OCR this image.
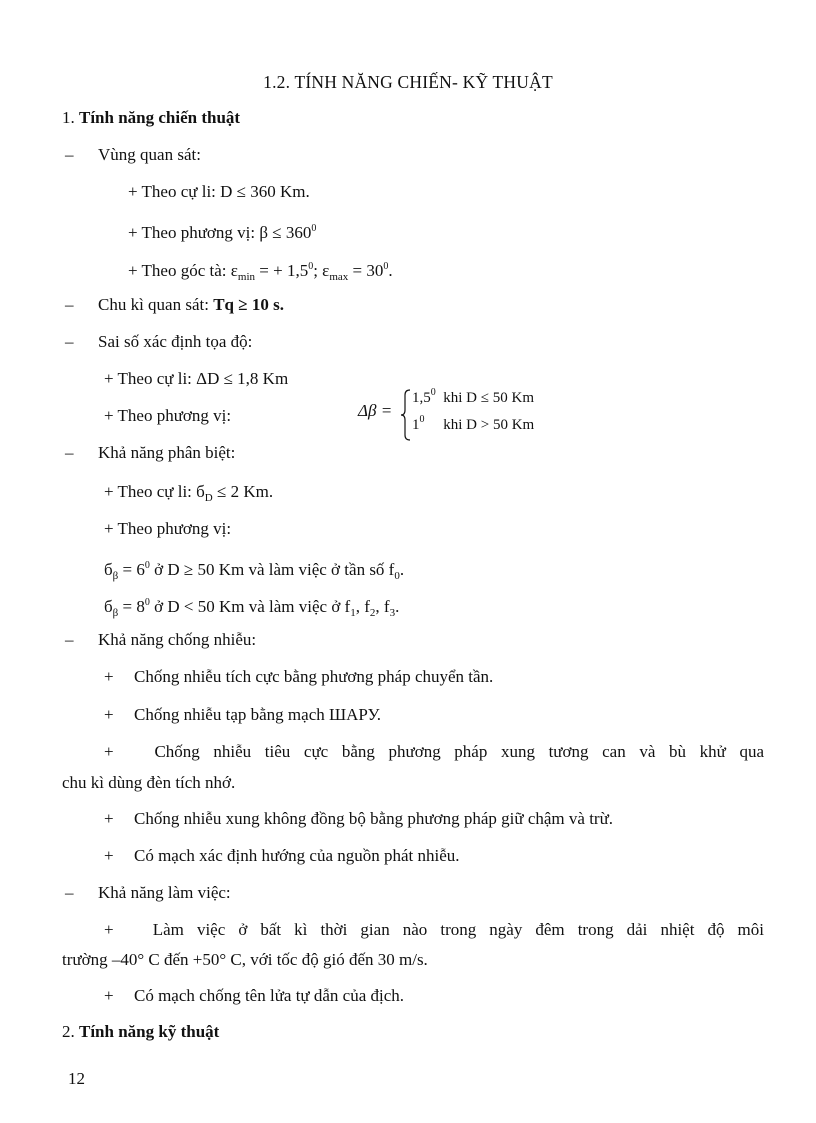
1.2. TÍNH NĂNG CHIẾN- KỸ THUẬT
1. Tính năng chiến thuật
– Vùng quan sát:
+ Theo cự li: D ≤ 360 Km.
+ Theo phương vị: $\beta \le 360^0$
+ Theo góc tà: $\varepsilon_{min}$ = + $1,5^0$; $\varepsilon_{max} = 30^0$.
– Chu kì quan sát: Tq ≥ 10 s.
– Sai số xác định tọa độ:
+ Theo cự li: ΔD ≤ 1,8 Km
+ Theo phương vị:	Δβ =
$1,5^0$ khi D ≤ 50 Km
$1^0$ khi D > 50 Km
– Khả năng phân biệt:
+ Theo cự li: $б_D \le 2$ Km.
+ Theo phương vị:
$б_\beta = 6^0$ ở D ≥ 50 Km và làm việc ở tần số $f_0$.
$б_\beta = 8^0$ ở D < 50 Km và làm việc ở $f_1$, $f_2$, $f_3$.
– Khả năng chống nhiễu:
+ Chống nhiễu tích cực bằng phương pháp chuyển tần.
+ Chống nhiễu tạp bằng mạch ШАРУ.
+ Chống nhiễu tiêu cực bằng phương pháp xung tương can và bù khử qua
chu kì dùng đèn tích nhớ.
+ Chống nhiễu xung không đồng bộ bằng phương pháp giữ chậm và trừ.
+ Có mạch xác định hướng của nguồn phát nhiễu.
– Khả năng làm việc:
+ Làm việc ở bất kì thời gian nào trong ngày đêm trong dải nhiệt độ môi
trường –40° C đến +50° C, với tốc độ gió đến 30 m/s.
+ Có mạch chống tên lửa tự dẫn của địch.
2. Tính năng kỹ thuật
12
